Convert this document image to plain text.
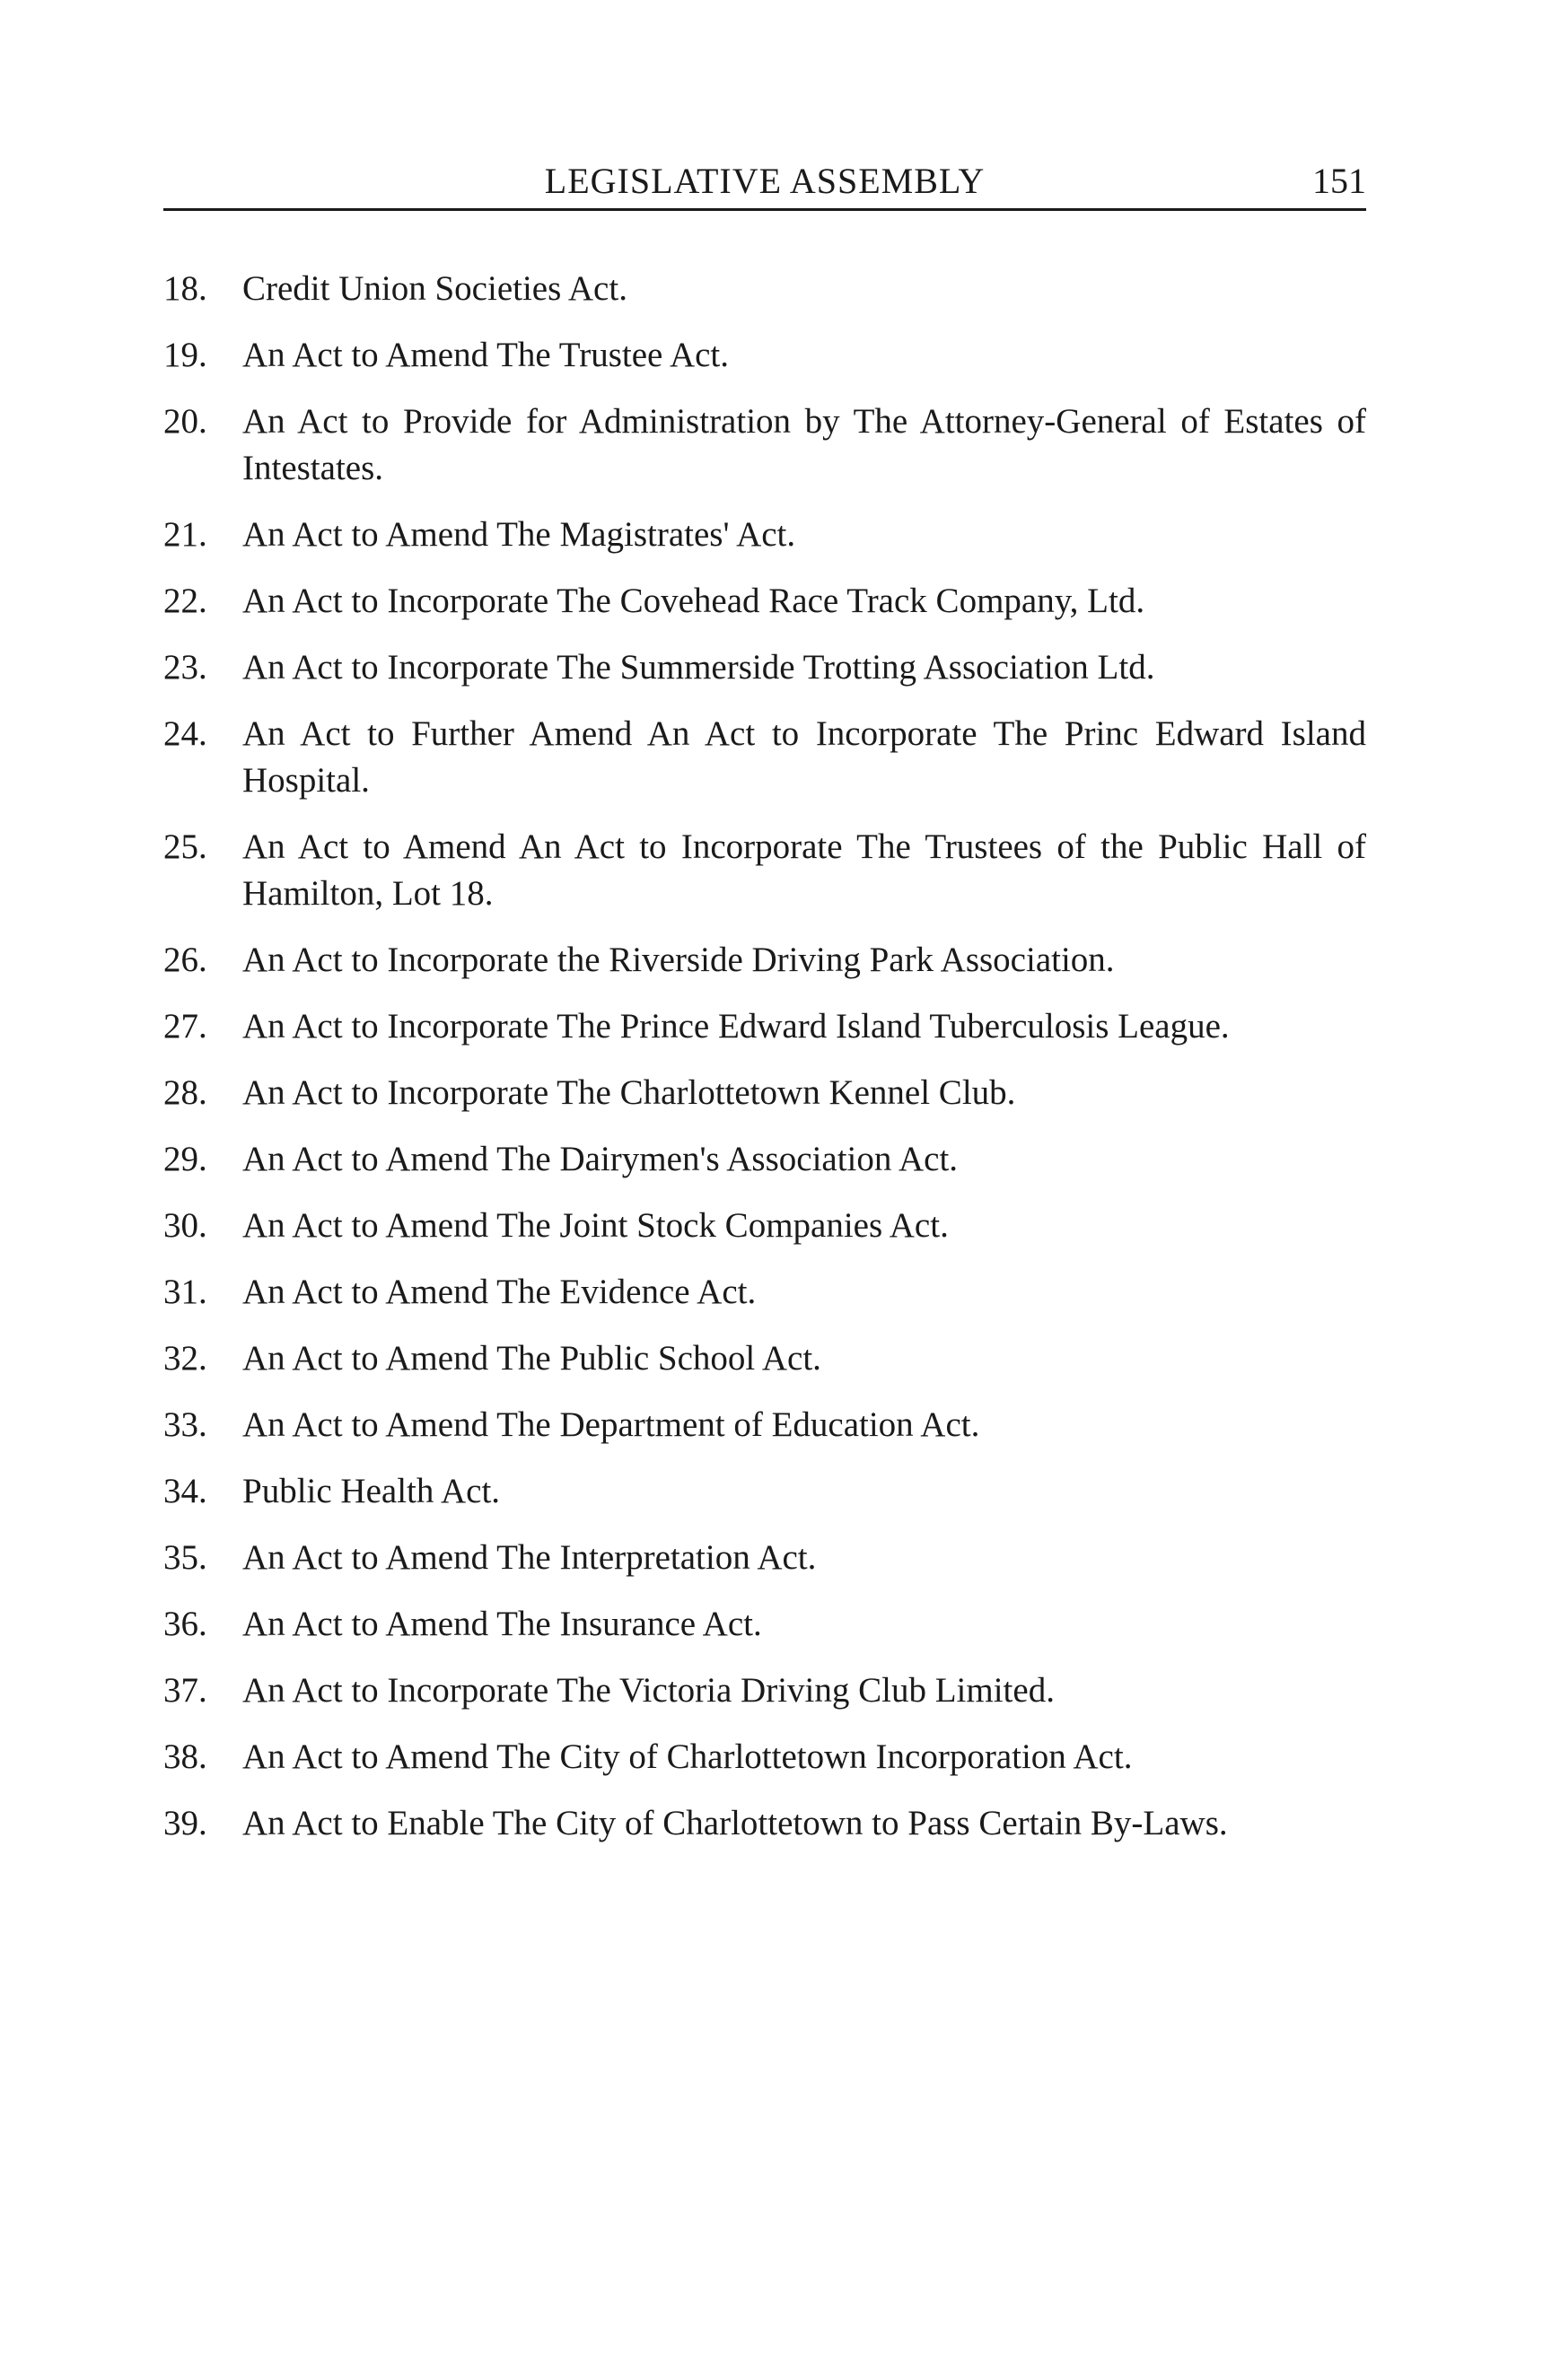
LEGISLATIVE ASSEMBLY	151
18.	Credit Union Societies Act.
19.	An Act to Amend The Trustee Act.
20.	An Act to Provide for Administration by The Attorney-General of Estates of Intestates.
21.	An Act to Amend The Magistrates' Act.
22.	An Act to Incorporate The Covehead Race Track Company, Ltd.
23.	An Act to Incorporate The Summerside Trotting Association Ltd.
24.	An Act to Further Amend An Act to Incorporate The Princ Edward Island Hospital.
25.	An Act to Amend An Act to Incorporate The Trustees of the Public Hall of Hamilton, Lot 18.
26.	An Act to Incorporate the Riverside Driving Park Association.
27.	An Act to Incorporate The Prince Edward Island Tuberculosis League.
28.	An Act to Incorporate The Charlottetown Kennel Club.
29.	An Act to Amend The Dairymen's Association Act.
30.	An Act to Amend The Joint Stock Companies Act.
31.	An Act to Amend The Evidence Act.
32.	An Act to Amend The Public School Act.
33.	An Act to Amend The Department of Education Act.
34.	Public Health Act.
35.	An Act to Amend The Interpretation Act.
36.	An Act to Amend The Insurance Act.
37.	An Act to Incorporate The Victoria Driving Club Limited.
38.	An Act to Amend The City of Charlottetown Incorporation Act.
39.	An Act to Enable The City of Charlottetown to Pass Certain By-Laws.
